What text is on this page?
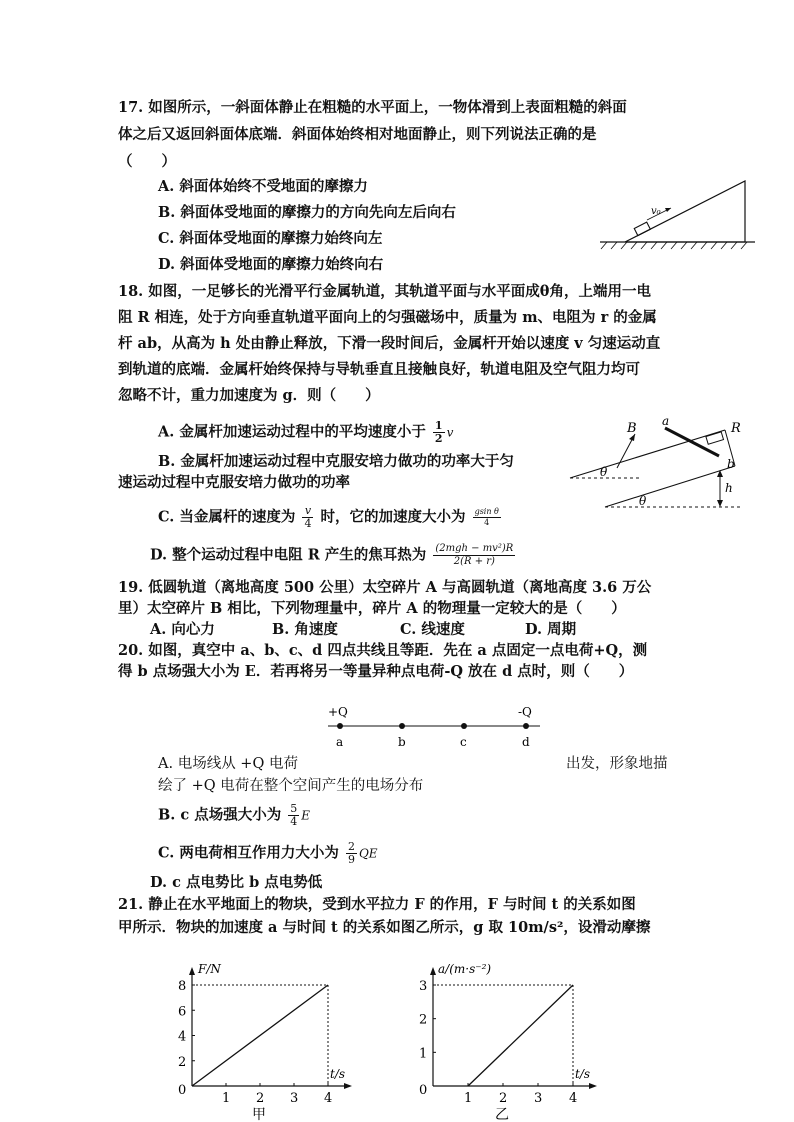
17. 如图所示，一斜面体静止在粗糙的水平面上，一物体滑到上表面粗糙的斜面
体之后又返回斜面体底端．斜面体始终相对地面静止，则下列说法正确的是
（　　）
A. 斜面体始终不受地面的摩擦力
B. 斜面体受地面的摩擦力的方向先向左后向右
C. 斜面体受地面的摩擦力始终向左
D. 斜面体受地面的摩擦力始终向右
v₀
18. 如图，一足够长的光滑平行金属轨道，其轨道平面与水平面成θ角，上端用一电
阻 R 相连，处于方向垂直轨道平面向上的匀强磁场中，质量为 m、电阻为 r 的金属
杆 ab，从高为 h 处由静止释放，下滑一段时间后，金属杆开始以速度 v 匀速运动直
到轨道的底端．金属杆始终保持与导轨垂直且接触良好，轨道电阻及空气阻力均可
忽略不计，重力加速度为 g．则（　　）
A. 金属杆加速运动过程中的平均速度小于 $\frac{1}{2}$ v
B. 金属杆加速运动过程中克服安培力做功的功率大于匀
速运动过程中克服安培力做功的功率
C. 当金属杆的速度为 $\frac{v}{4}$ 时，它的加速度大小为 $\frac{\text{gsin θ}}{4}$
D. 整个运动过程中电阻 R 产生的焦耳热为 $\frac{\text{(2mgh − mv²)R}}{2(R + r)}$
B a	R
b
h
θ
θ
19. 低圆轨道（离地高度 500 公里）太空碎片 A 与高圆轨道（离地高度 3.6 万公
里）太空碎片 B 相比，下列物理量中，碎片 A 的物理量一定较大的是（　　）
A. 向心力	B. 角速度	C. 线速度	D. 周期
20. 如图，真空中 a、b、c、d 四点共线且等距．先在 a 点固定一点电荷+Q，测
得 b 点场强大小为 E．若再将另一等量异种点电荷-Q 放在 d 点时，则（　　）
+Q	-Q
a	b	c	d
A. 电场线从 +Q 电荷	出发，形象地描
绘了 +Q 电荷在整个空间产生的电场分布
B. c 点场强大小为 $\frac{5}{4}$ E
C. 两电荷相互作用力大小为 $\frac{2}{9}$ QE
D. c 点电势比 b 点电势低
21. 静止在水平地面上的物块，受到水平拉力 F 的作用，F 与时间 t 的关系如图
甲所示．物块的加速度 a 与时间 t 的关系如图乙所示，g 取 10m/s²，设滑动摩擦
1 2 3 4
2
4
6
8
0
F/N
t/s
甲
1 2 3 4
1
2
3
0
a/(m·s⁻²)
t/s
乙
